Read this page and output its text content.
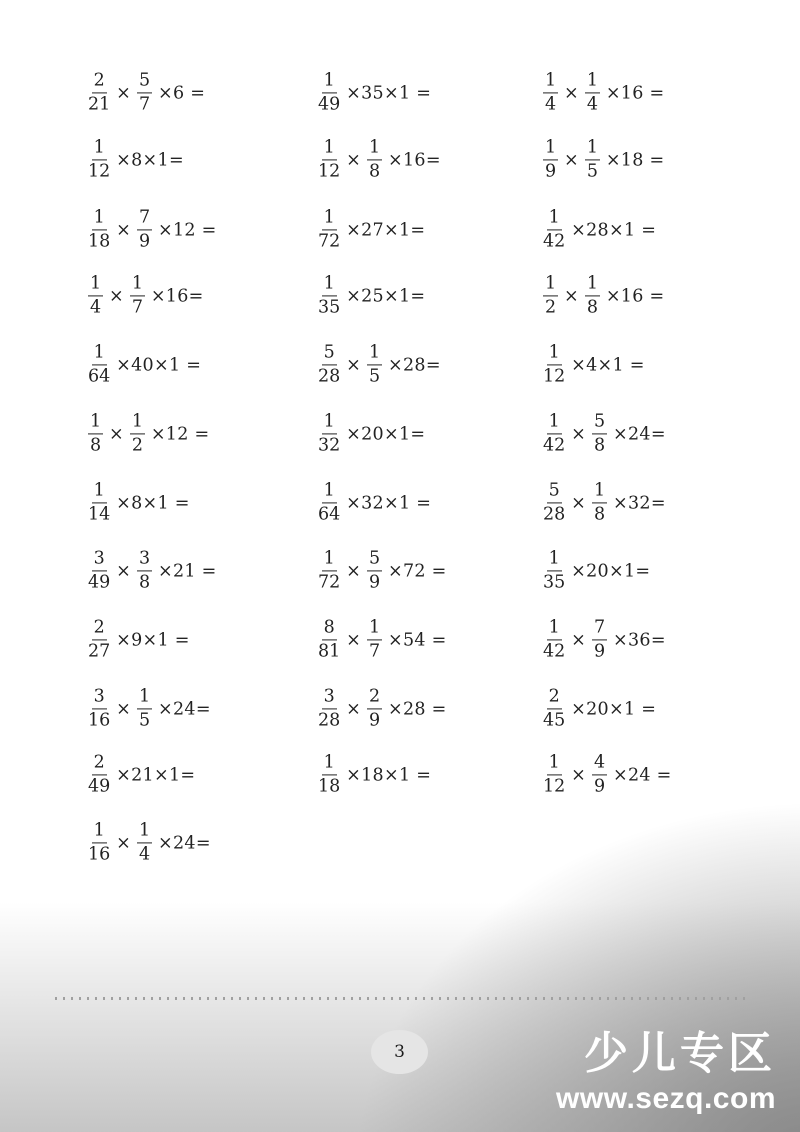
$\frac{2}{21} \times \frac{5}{7} \times 6$ =	$\frac{1}{49} \times 35\times 1$ =	$\frac{1}{4} \times \frac{1}{4} \times 16$ =
$\frac{1}{12} \times 8\times 1=$	$\frac{1}{12} \times \frac{1}{8} \times 16=$	$\frac{1}{9} \times \frac{1}{5} \times 18$ =
$\frac{1}{18} \times \frac{7}{9} \times 12$ =	$\frac{1}{72} \times 27\times 1=$	$\frac{1}{42} \times 28\times 1$ =
$\frac{1}{4} \times \frac{1}{7} \times 16=$	$\frac{1}{35} \times 25\times 1=$	$\frac{1}{2} \times \frac{1}{8} \times 16$ =
$\frac{1}{64} \times 40\times 1$ =	$\frac{5}{28} \times \frac{1}{5} \times 28=$	$\frac{1}{12} \times 4\times 1$ =
$\frac{1}{8} \times \frac{1}{2} \times 12$ =	$\frac{1}{32} \times 20\times 1=$	$\frac{1}{42} \times \frac{5}{8} \times 24=$
$\frac{1}{14} \times 8\times 1$ =	$\frac{1}{64} \times 32\times 1$ =	$\frac{5}{28} \times \frac{1}{8} \times 32=$
$\frac{3}{49} \times \frac{3}{8} \times 21$ =	$\frac{1}{72} \times \frac{5}{9} \times 72$ =	$\frac{1}{35} \times 20\times 1=$
$\frac{2}{27} \times 9\times 1$ =	$\frac{8}{81} \times \frac{1}{7} \times 54$ =	$\frac{1}{42} \times \frac{7}{9} \times 36=$
$\frac{3}{16} \times \frac{1}{5} \times 24=$	$\frac{3}{28} \times \frac{2}{9} \times 28$ =	$\frac{2}{45} \times 20\times 1$ =
$\frac{2}{49} \times 21\times 1=$	$\frac{1}{18} \times 18\times 1$ =	$\frac{1}{12} \times \frac{4}{9} \times 24$ =
$\frac{1}{16} \times \frac{1}{4} \times 24=$
3	少儿专区
www.sezq.com
